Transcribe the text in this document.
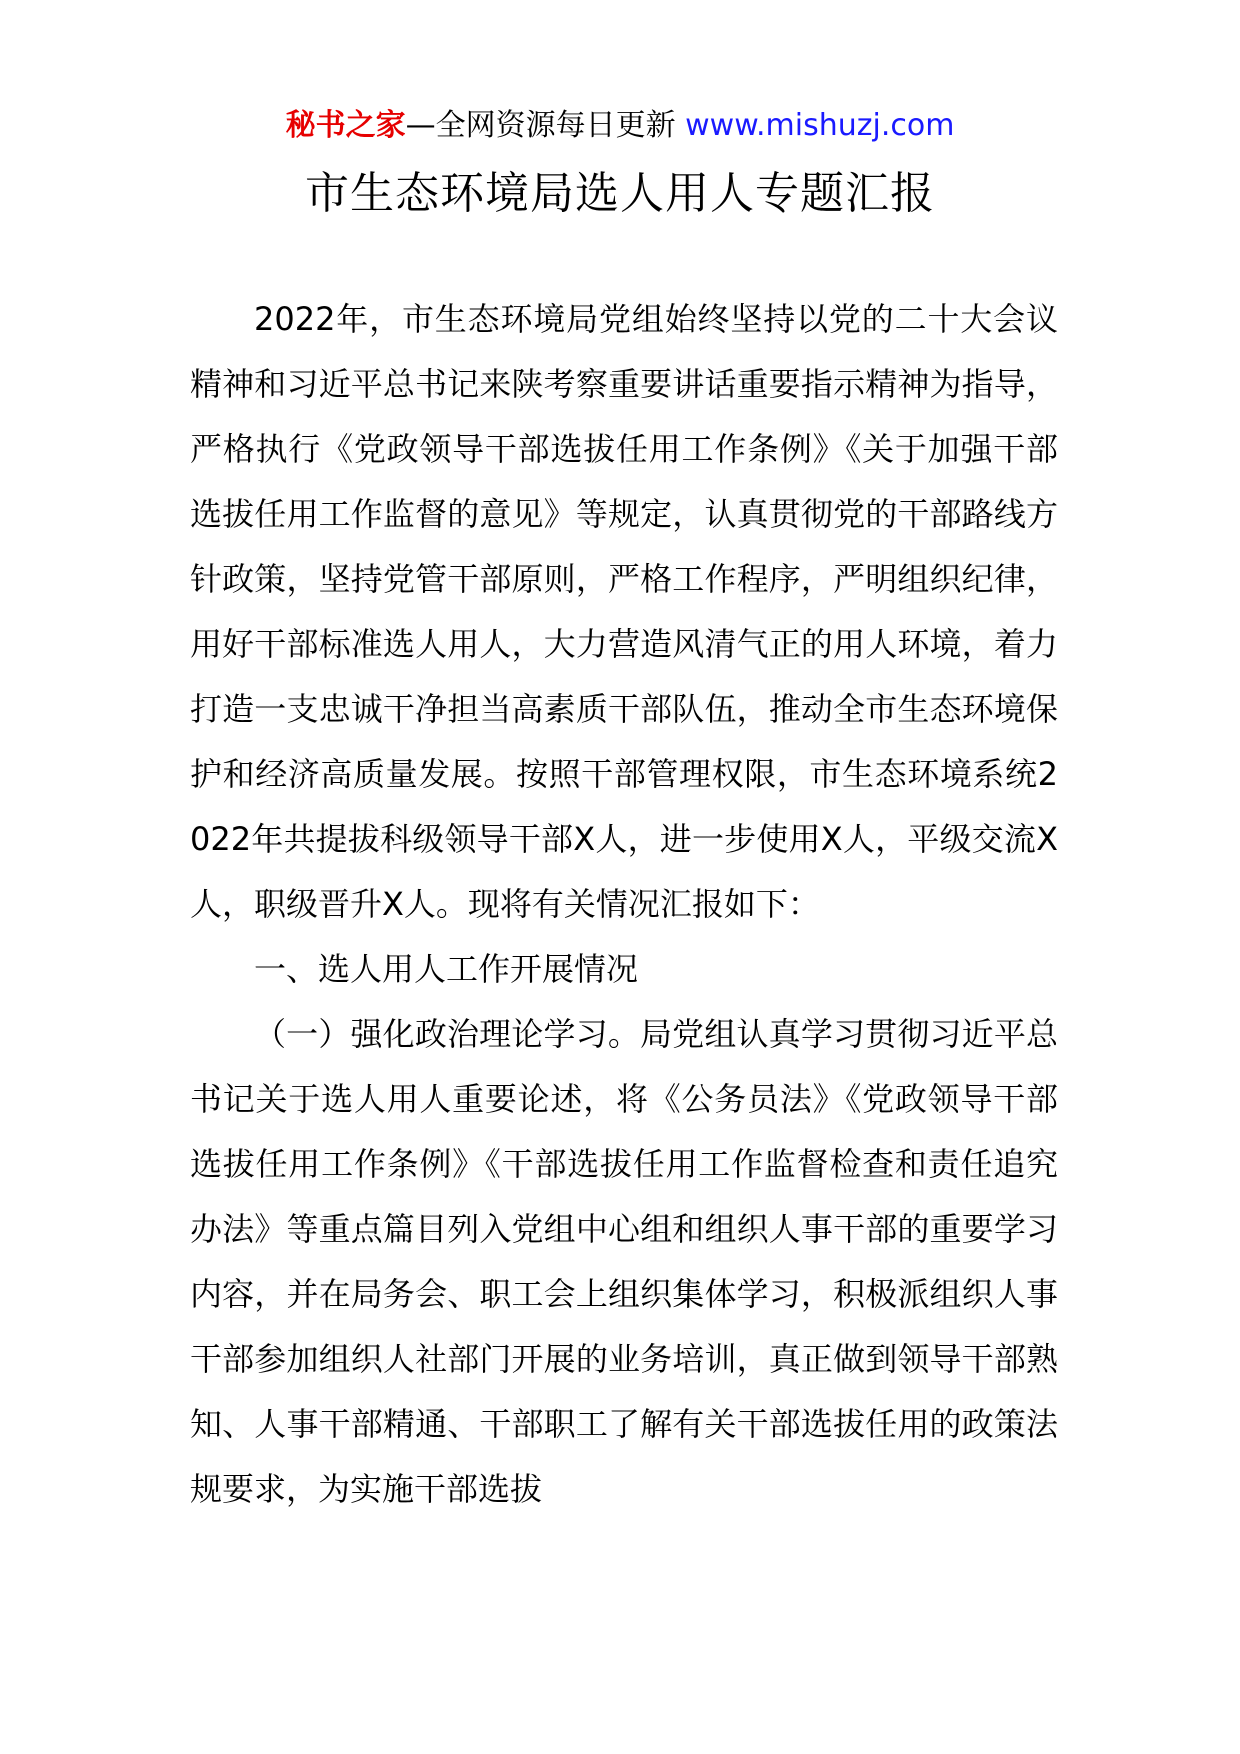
秘书之家—全网资源每日更新 www.mishuzj.com
市生态环境局选人用人专题汇报

2022年，市生态环境局党组始终坚持以党的二十大会议精神和习近平总书记来陕考察重要讲话重要指示精神为指导，严格执行《党政领导干部选拔任用工作条例》《关于加强干部选拔任用工作监督的意见》等规定，认真贯彻党的干部路线方针政策，坚持党管干部原则，严格工作程序，严明组织纪律，用好干部标准选人用人，大力营造风清气正的用人环境，着力打造一支忠诚干净担当高素质干部队伍，推动全市生态环境保护和经济高质量发展。按照干部管理权限，市生态环境系统2022年共提拔科级领导干部X人，进一步使用X人，平级交流X人，职级晋升X人。现将有关情况汇报如下：

一、选人用人工作开展情况

（一）强化政治理论学习。局党组认真学习贯彻习近平总书记关于选人用人重要论述，将《公务员法》《党政领导干部选拔任用工作条例》《干部选拔任用工作监督检查和责任追究办法》等重点篇目列入党组中心组和组织人事干部的重要学习内容，并在局务会、职工会上组织集体学习，积极派组织人事干部参加组织人社部门开展的业务培训，真正做到领导干部熟知、人事干部精通、干部职工了解有关干部选拔任用的政策法规要求，为实施干部选拔
